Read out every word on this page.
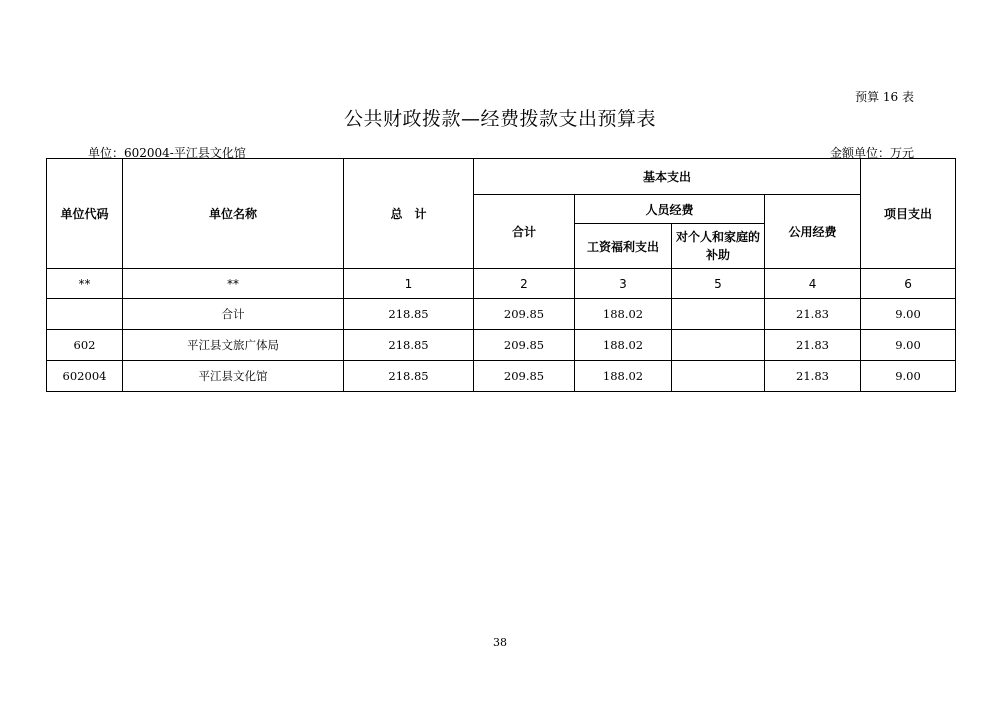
预算 16 表
公共财政拨款—经费拨款支出预算表
单位：602004-平江县文化馆	金额单位：万元
单位代码	单位名称	总　计	基本支出				项目支出
			合计	人员经费		公用经费	
				工资福利支出	对个人和家庭的补助		
**	**	1	2	3	5	4	6
	合计	218.85	209.85	188.02		21.83	9.00
602	平江县文旅广体局	218.85	209.85	188.02		21.83	9.00
602004	平江县文化馆	218.85	209.85	188.02		21.83	9.00
38
